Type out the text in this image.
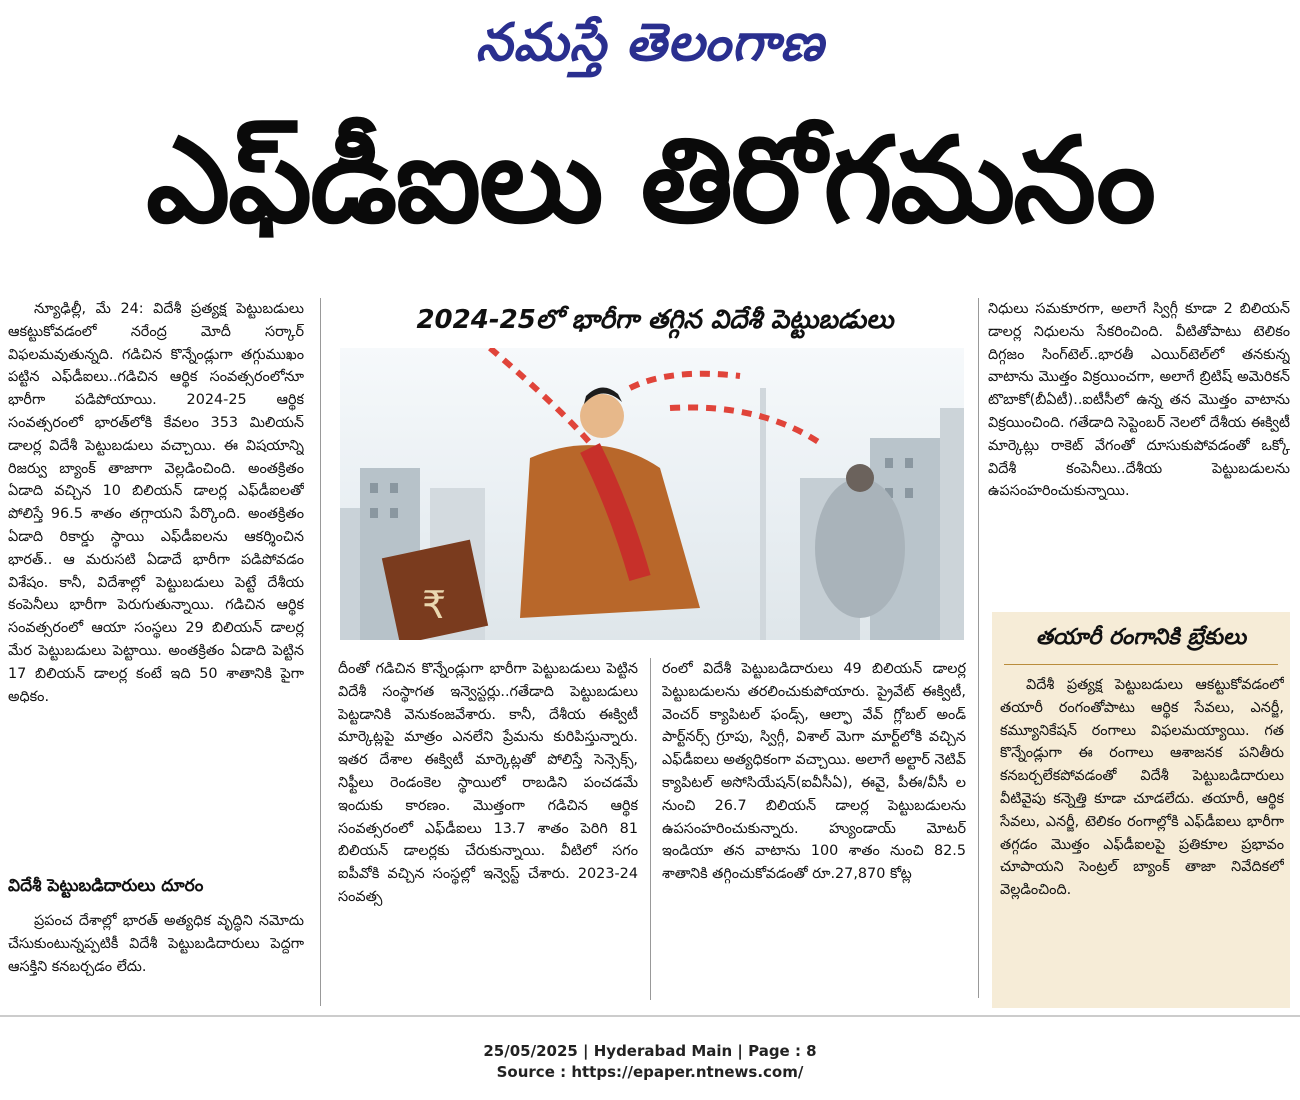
నమస్తే తెలంగాణ
ఎఫ్‌డీఐలు తిరోగమనం

న్యూఢిల్లీ, మే 24: విదేశీ ప్రత్యక్ష పెట్టుబడులు ఆకట్టుకోవడంలో నరేంద్ర మోదీ సర్కార్ విఫలమవుతున్నది. గడిచిన కొన్నేండ్లుగా తగ్గుముఖం పట్టిన ఎఫ్‌డీఐలు..గడిచిన ఆర్థిక సంవత్సరంలోనూ భారీగా పడిపోయాయి. 2024-25 ఆర్థిక సంవత్సరంలో భారత్‌లోకి కేవలం 353 మిలియన్ డాలర్ల విదేశీ పెట్టుబడులు వచ్చాయి. ఈ విషయాన్ని రిజర్వు బ్యాంక్ తాజాగా వెల్లడించింది. అంతక్రితం ఏడాది వచ్చిన 10 బిలియన్ డాలర్ల ఎఫ్‌డీఐలతో పోలిస్తే 96.5 శాతం తగ్గాయని పేర్కొంది. అంతక్రితం ఏడాది రికార్డు స్థాయి ఎఫ్‌డీఐలను ఆకర్శించిన భారత్.. ఆ మరుసటి ఏడాదే భారీగా పడిపోవడం విశేషం. కానీ, విదేశాల్లో పెట్టుబడులు పెట్టే దేశీయ కంపెనీలు భారీగా పెరుగుతున్నాయి. గడిచిన ఆర్థిక సంవత్సరంలో ఆయా సంస్థలు 29 బిలియన్ డాలర్ల మేర పెట్టుబడులు పెట్టాయి. అంతక్రితం ఏడాది పెట్టిన 17 బిలియన్ డాలర్ల కంటే ఇది 50 శాతానికి పైగా అధికం.

విదేశీ పెట్టుబడిదారులు దూరం

ప్రపంచ దేశాల్లో భారత్ అత్యధిక వృద్ధిని నమోదు చేసుకుంటున్నప్పటికీ విదేశీ పెట్టుబడిదారులు పెద్దగా ఆసక్తిని కనబర్చడం లేదు.

2024-25లో భారీగా తగ్గిన విదేశీ పెట్టుబడులు
₹

దీంతో గడిచిన కొన్నేండ్లుగా భారీగా పెట్టుబడులు పెట్టిన విదేశీ సంస్థాగత ఇన్వెస్టర్లు..గతేడాది పెట్టుబడులు పెట్టడానికి వెనుకంజవేశారు. కానీ, దేశీయ ఈక్విటీ మార్కెట్లపై మాత్రం ఎనలేని ప్రేమను కురిపిస్తున్నారు. ఇతర దేశాల ఈక్విటీ మార్కెట్లతో పోలిస్తే సెన్సెక్స్, నిఫ్టీలు రెండంకెల స్థాయిలో రాబడిని పంచడమే ఇందుకు కారణం. మొత్తంగా గడిచిన ఆర్థిక సంవత్సరంలో ఎఫ్‌డీఐలు 13.7 శాతం పెరిగి 81 బిలియన్ డాలర్లకు చేరుకున్నాయి. వీటిలో సగం ఐపీవోకి వచ్చిన సంస్థల్లో ఇన్వెస్ట్ చేశారు. 2023-24 సంవత్స

రంలో విదేశీ పెట్టుబడిదారులు 49 బిలియన్ డాలర్ల పెట్టుబడులను తరలించుకుపోయారు. ప్రైవేట్ ఈక్విటీ, వెంచర్ క్యాపిటల్ ఫండ్స్, ఆల్ఫా వేవ్ గ్లోబల్ అండ్ పార్ట్‌నర్స్ గ్రూపు, స్విగ్గీ, విశాల్ మెగా మార్ట్‌లోకి వచ్చిన ఎఫ్‌డీఐలు అత్యధికంగా వచ్చాయి. అలాగే అల్టార్ నెటివ్ క్యాపిటల్ అసోసియేషన్(ఐవీసీఏ), ఈవై, పీఈ/వీసీ ల నుంచి 26.7 బిలియన్ డాలర్ల పెట్టుబడులను ఉపసంహరించుకున్నారు. హ్యుండాయ్ మోటర్ ఇండియా తన వాటాను 100 శాతం నుంచి 82.5 శాతానికి తగ్గించుకోవడంతో రూ.27,870 కోట్ల

నిధులు సమకూరగా, అలాగే స్విగ్గీ కూడా 2 బిలియన్ డాలర్ల నిధులను సేకరించింది. వీటితోపాటు టెలికం దిగ్గజం సింగ్‌టెల్..భారతీ ఎయిర్‌టెల్‌లో తనకున్న వాటాను మొత్తం విక్రయించగా, అలాగే బ్రిటిష్ అమెరికన్ టొబాకో(బీఏటీ)..ఐటీసీలో ఉన్న తన మొత్తం వాటాను విక్రయించింది. గతేడాది సెప్టెంబర్ నెలలో దేశీయ ఈక్విటీ మార్కెట్లు రాకెట్ వేగంతో దూసుకుపోవడంతో ఒక్కో విదేశీ కంపెనీలు..దేశీయ పెట్టుబడులను ఉపసంహరించుకున్నాయి.

తయారీ రంగానికి బ్రేకులు

విదేశీ ప్రత్యక్ష పెట్టుబడులు ఆకట్టుకోవడంలో తయారీ రంగంతోపాటు ఆర్థిక సేవలు, ఎనర్జీ, కమ్యూనికేషన్ రంగాలు విఫలమయ్యాయి. గత కొన్నేండ్లుగా ఈ రంగాలు ఆశాజనక పనితీరు కనబర్చలేకపోవడంతో విదేశీ పెట్టుబడిదారులు వీటివైపు కన్నెత్తి కూడా చూడలేదు. తయారీ, ఆర్థిక సేవలు, ఎనర్జీ, టెలికం రంగాల్లోకి ఎఫ్‌డీఐలు భారీగా తగ్గడం మొత్తం ఎఫ్‌డీఐలపై ప్రతికూల ప్రభావం చూపాయని సెంట్రల్ బ్యాంక్ తాజా నివేదికలో వెల్లడించింది.

25/05/2025 | Hyderabad Main | Page : 8
Source : https://epaper.ntnews.com/
